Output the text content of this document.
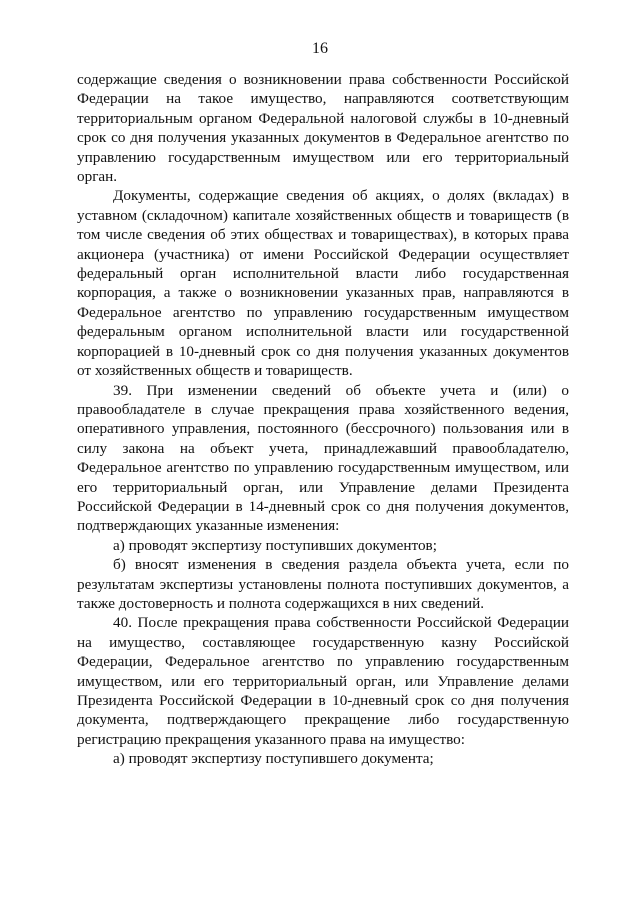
16

содержащие сведения о возникновении права собственности Российской Федерации на такое имущество, направляются соответствующим территориальным органом Федеральной налоговой службы в 10-дневный срок со дня получения указанных документов в Федеральное агентство по управлению государственным имуществом или его территориальный орган.

Документы, содержащие сведения об акциях, о долях (вкладах) в уставном (складочном) капитале хозяйственных обществ и товариществ (в том числе сведения об этих обществах и товариществах), в которых права акционера (участника) от имени Российской Федерации осуществляет федеральный орган исполнительной власти либо государственная корпорация, а также о возникновении указанных прав, направляются в Федеральное агентство по управлению государственным имуществом федеральным органом исполнительной власти или государственной корпорацией в 10-дневный срок со дня получения указанных документов от хозяйственных обществ и товариществ.

39. При изменении сведений об объекте учета и (или) о правообладателе в случае прекращения права хозяйственного ведения, оперативного управления, постоянного (бессрочного) пользования или в силу закона на объект учета, принадлежавший правообладателю, Федеральное агентство по управлению государственным имуществом, или его территориальный орган, или Управление делами Президента Российской Федерации в 14-дневный срок со дня получения документов, подтверждающих указанные изменения:

а) проводят экспертизу поступивших документов;

б) вносят изменения в сведения раздела объекта учета, если по результатам экспертизы установлены полнота поступивших документов, а также достоверность и полнота содержащихся в них сведений.

40. После прекращения права собственности Российской Федерации на имущество, составляющее государственную казну Российской Федерации, Федеральное агентство по управлению государственным имуществом, или его территориальный орган, или Управление делами Президента Российской Федерации в 10-дневный срок со дня получения документа, подтверждающего прекращение либо государственную регистрацию прекращения указанного права на имущество:

а) проводят экспертизу поступившего документа;
